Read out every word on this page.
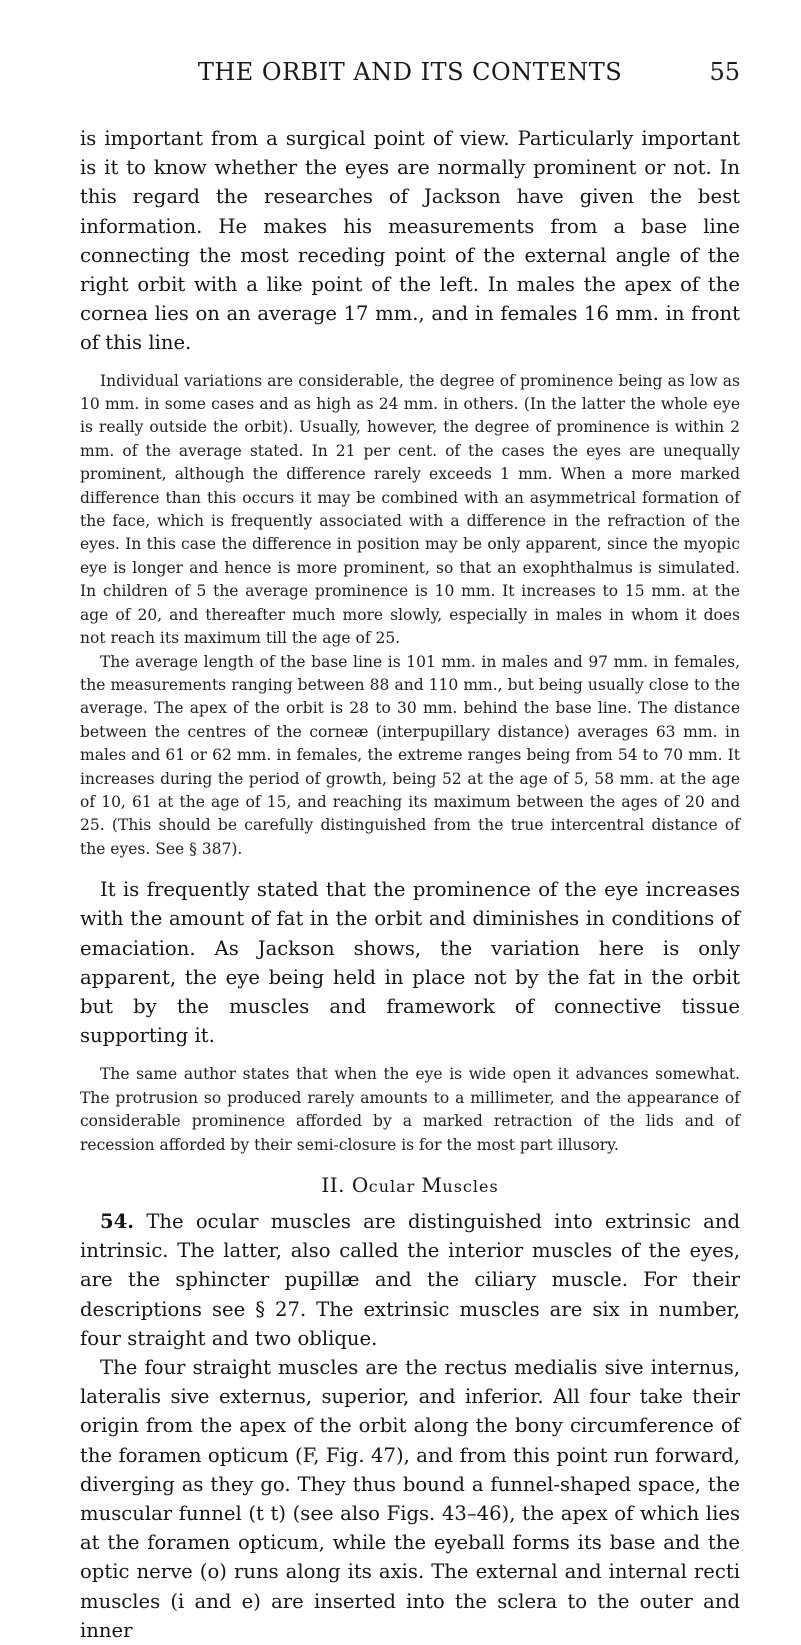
THE ORBIT AND ITS CONTENTS	55

is important from a surgical point of view. Particularly important is it to know whether the eyes are normally prominent or not. In this regard the researches of Jackson have given the best information. He makes his measurements from a base line connecting the most receding point of the external angle of the right orbit with a like point of the left. In males the apex of the cornea lies on an average 17 mm., and in females 16 mm. in front of this line.

Individual variations are considerable, the degree of prominence being as low as 10 mm. in some cases and as high as 24 mm. in others. (In the latter the whole eye is really outside the orbit). Usually, however, the degree of prominence is within 2 mm. of the average stated. In 21 per cent. of the cases the eyes are unequally prominent, although the difference rarely exceeds 1 mm. When a more marked difference than this occurs it may be combined with an asymmetrical formation of the face, which is frequently associated with a difference in the refraction of the eyes. In this case the difference in position may be only apparent, since the myopic eye is longer and hence is more prominent, so that an exophthalmus is simulated. In children of 5 the average prominence is 10 mm. It increases to 15 mm. at the age of 20, and thereafter much more slowly, especially in males in whom it does not reach its maximum till the age of 25.

The average length of the base line is 101 mm. in males and 97 mm. in females, the measurements ranging between 88 and 110 mm., but being usually close to the average. The apex of the orbit is 28 to 30 mm. behind the base line. The distance between the centres of the corneæ (interpupillary distance) averages 63 mm. in males and 61 or 62 mm. in females, the extreme ranges being from 54 to 70 mm. It increases during the period of growth, being 52 at the age of 5, 58 mm. at the age of 10, 61 at the age of 15, and reaching its maximum between the ages of 20 and 25. (This should be carefully distinguished from the true intercentral distance of the eyes. See § 387).

It is frequently stated that the prominence of the eye increases with the amount of fat in the orbit and diminishes in conditions of emaciation. As Jackson shows, the variation here is only apparent, the eye being held in place not by the fat in the orbit but by the muscles and framework of connective tissue supporting it.

The same author states that when the eye is wide open it advances somewhat. The protrusion so produced rarely amounts to a millimeter, and the appearance of considerable prominence afforded by a marked retraction of the lids and of recession afforded by their semi-closure is for the most part illusory.

II. Ocular Muscles

54. The ocular muscles are distinguished into extrinsic and intrinsic. The latter, also called the interior muscles of the eyes, are the sphincter pupillæ and the ciliary muscle. For their descriptions see § 27. The extrinsic muscles are six in number, four straight and two oblique.

The four straight muscles are the rectus medialis sive internus, lateralis sive externus, superior, and inferior. All four take their origin from the apex of the orbit along the bony circumference of the foramen opticum (F, Fig. 47), and from this point run forward, diverging as they go. They thus bound a funnel-shaped space, the muscular funnel (t t) (see also Figs. 43–46), the apex of which lies at the foramen opticum, while the eyeball forms its base and the optic nerve (o) runs along its axis. The external and internal recti muscles (i and e) are inserted into the sclera to the outer and inner
